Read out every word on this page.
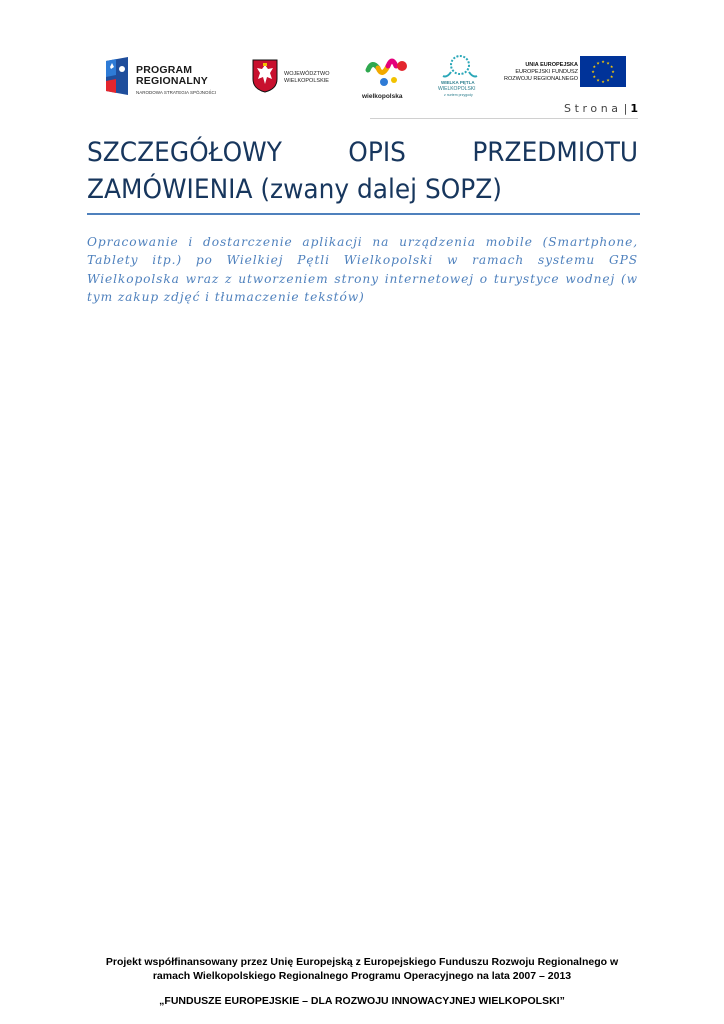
PROGRAM
REGIONALNY
NARODOWA STRATEGIA SPÓJNOŚCI
WOJEWÓDZTWO
WIELKOPOLSKIE
wielkopolska
WIELKA PĘTLA
WIELKOPOLSKI
z nurtem przygody
UNIA EUROPEJSKA
EUROPEJSKI FUNDUSZ
ROZWOJU REGIONALNEGO
★ ★
★
★
★
★
★
★
★
★
★
★
Strona | 1
SZCZEGÓŁOWY OPIS PRZEDMIOTU
ZAMÓWIENIA (zwany dalej SOPZ)

Opracowanie i dostarczenie aplikacji na urządzenia mobile (Smartphone, Tablety itp.) po Wielkiej Pętli Wielkopolski w ramach systemu GPS Wielkopolska wraz z utworzeniem strony internetowej o turystyce wodnej (w tym zakup zdjęć i tłumaczenie tekstów)

Projekt współfinansowany przez Unię Europejską z Europejskiego Funduszu Rozwoju Regionalnego w
ramach Wielkopolskiego Regionalnego Programu Operacyjnego na lata 2007 – 2013
„FUNDUSZE EUROPEJSKIE – DLA ROZWOJU INNOWACYJNEJ WIELKOPOLSKI”
